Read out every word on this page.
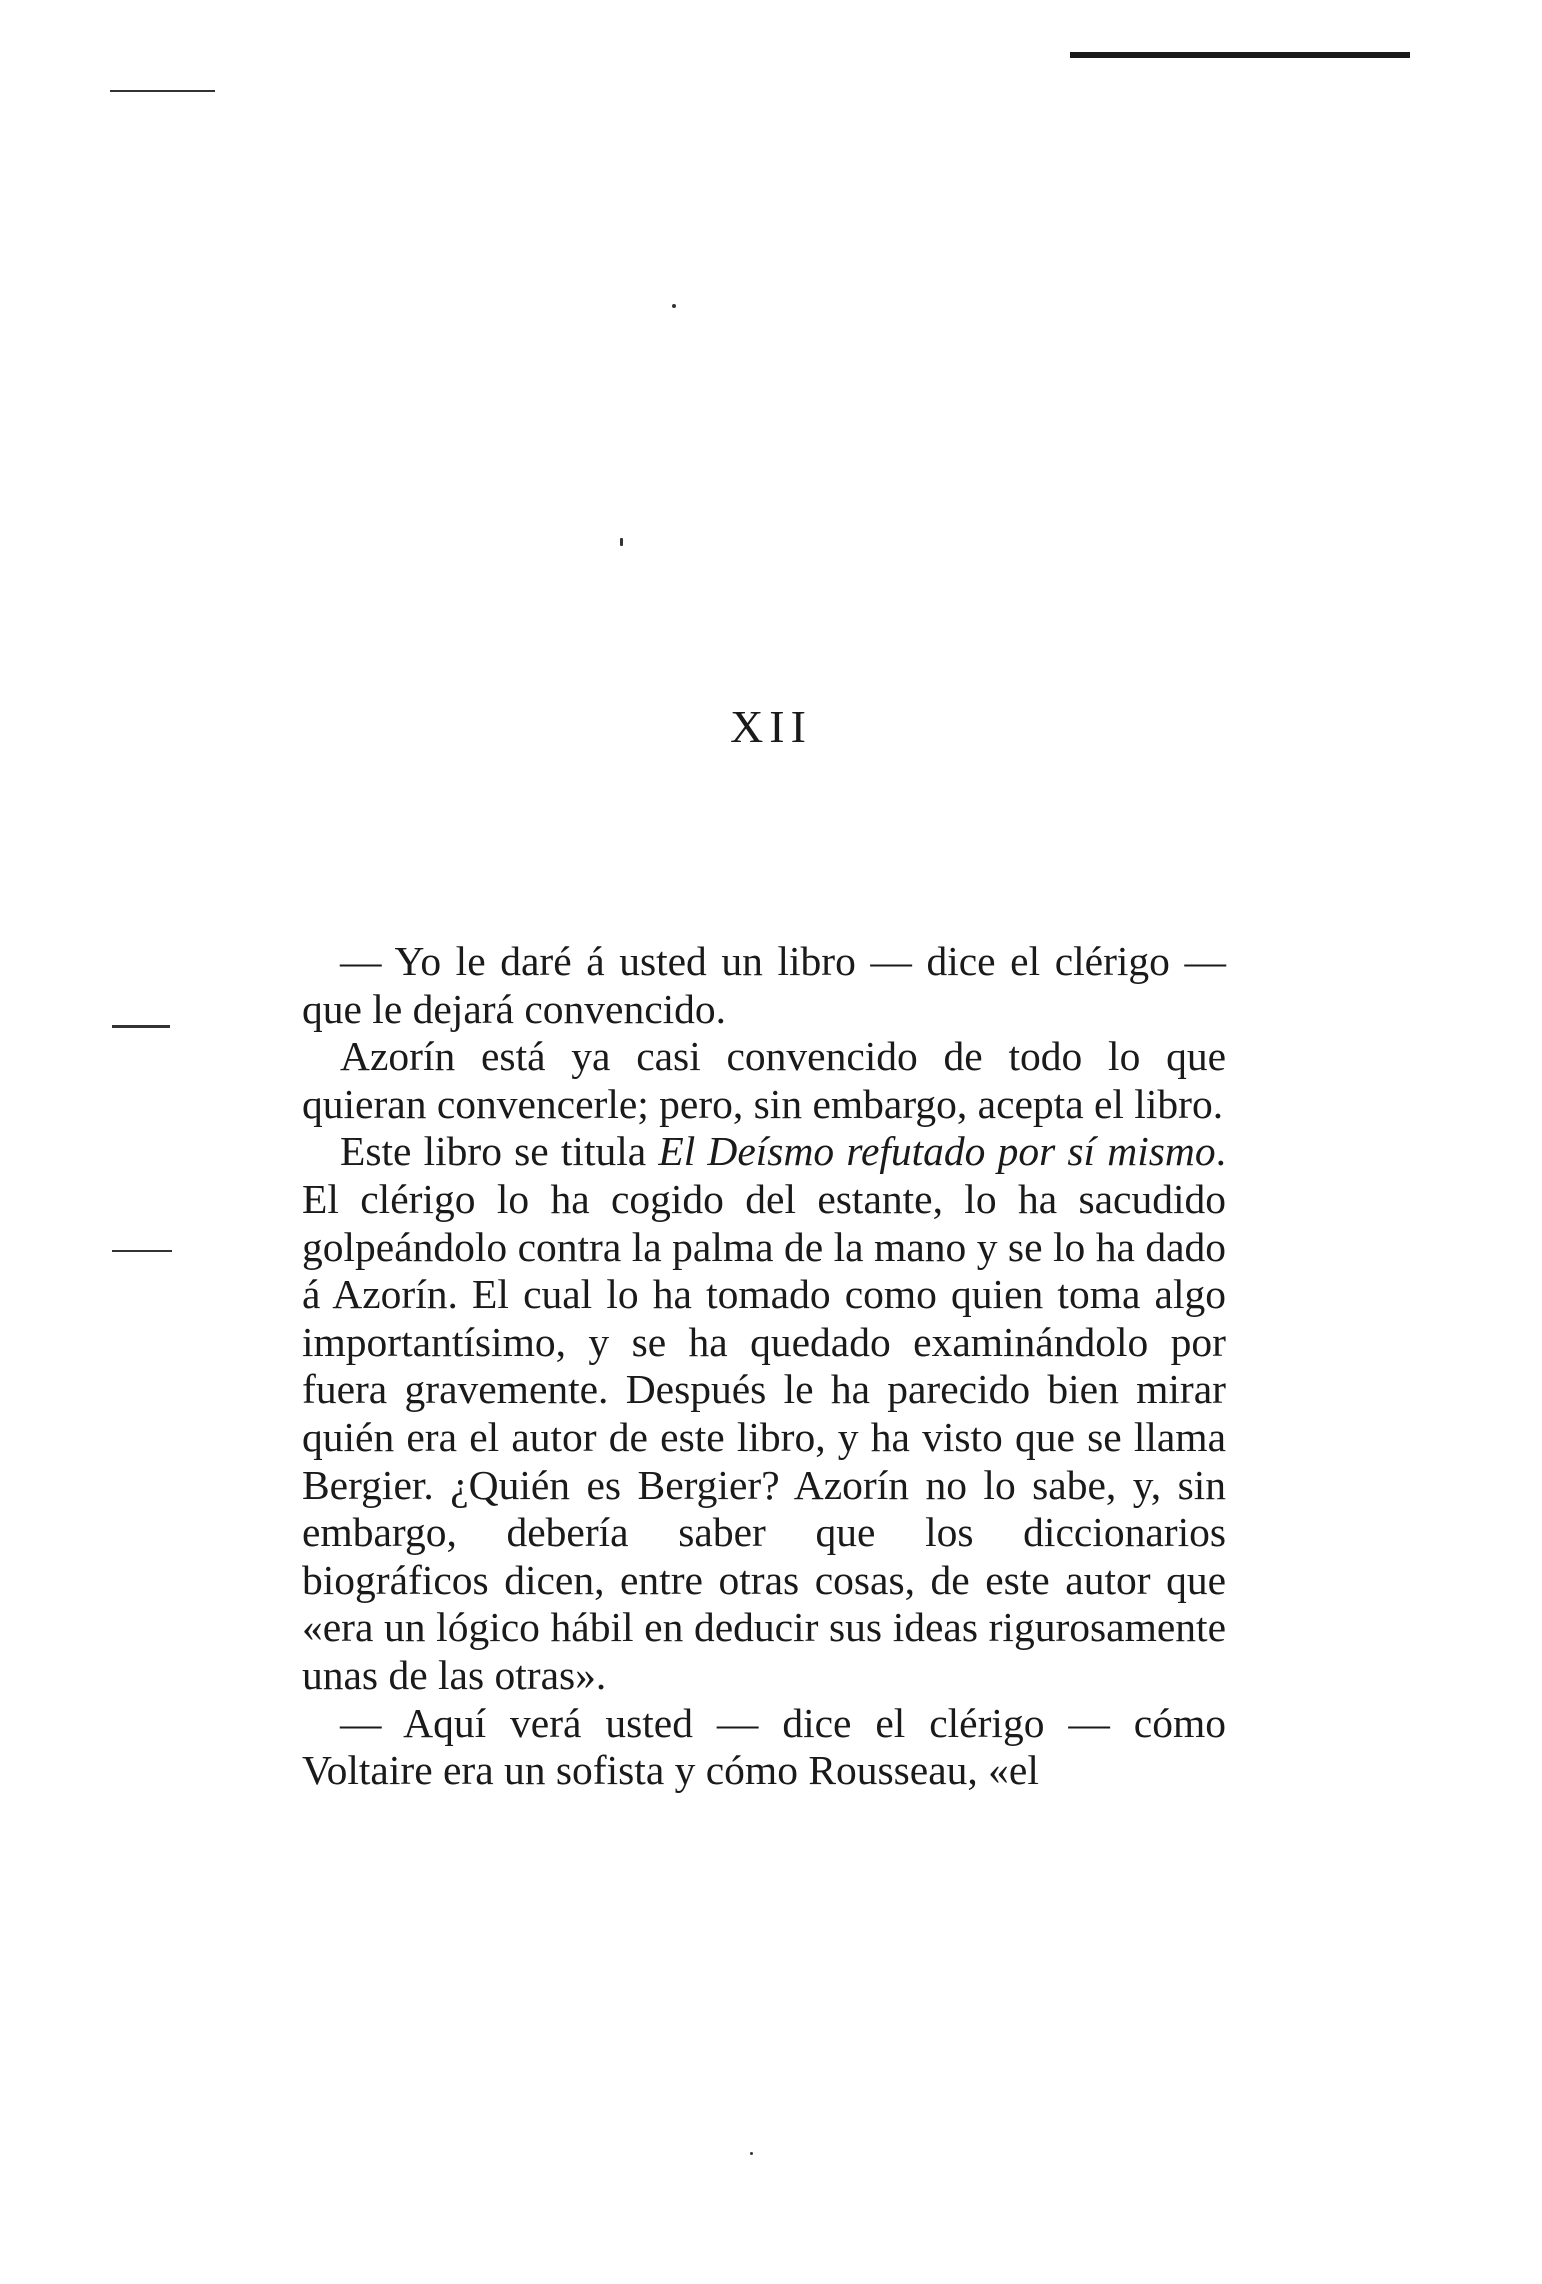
XII

— Yo le daré á usted un libro — dice el clérigo — que le dejará convencido.

Azorín está ya casi convencido de todo lo que quieran convencerle; pero, sin embargo, acepta el libro.

Este libro se titula El Deísmo refutado por sí mismo. El clérigo lo ha cogido del estante, lo ha sacudido golpeándolo contra la palma de la mano y se lo ha dado á Azorín. El cual lo ha tomado como quien toma algo importantísimo, y se ha quedado examinándolo por fuera gravemente. Después le ha parecido bien mirar quién era el autor de este libro, y ha visto que se llama Bergier. ¿Quién es Bergier? Azorín no lo sabe, y, sin embargo, debería saber que los diccionarios biográficos dicen, entre otras cosas, de este autor que «era un lógico hábil en deducir sus ideas rigurosamente unas de las otras».

— Aquí verá usted — dice el clérigo — cómo Voltaire era un sofista y cómo Rousseau, «el
